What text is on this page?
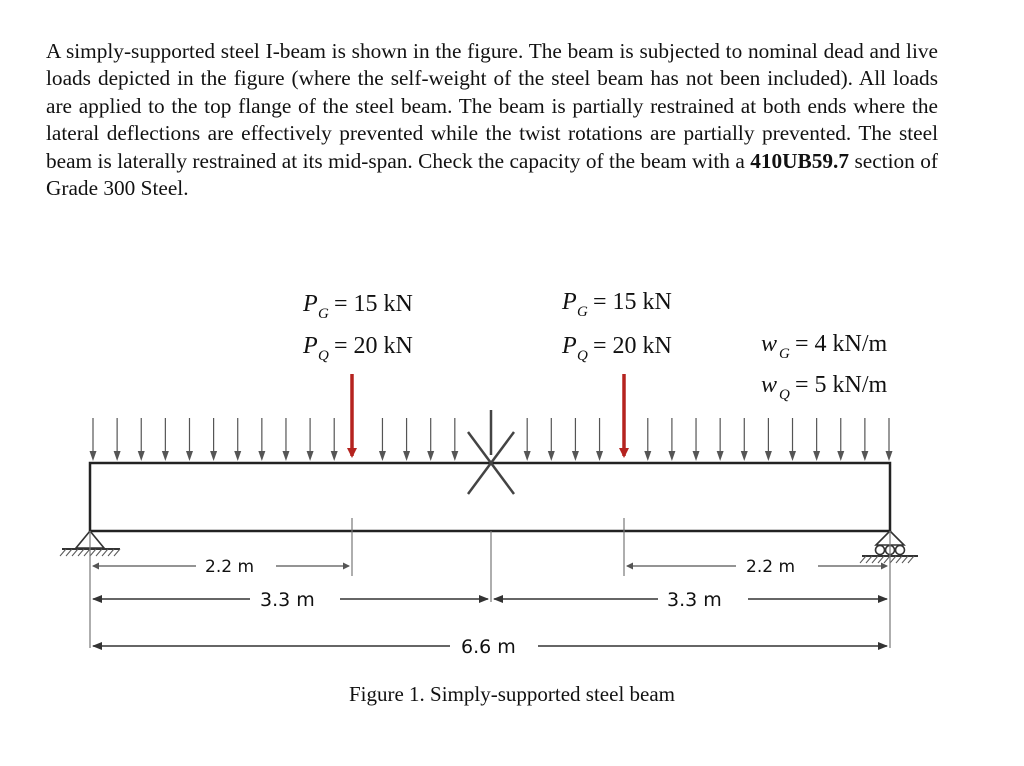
A simply-supported steel I-beam is shown in the figure. The beam is subjected to nominal dead and live loads depicted in the figure (where the self-weight of the steel beam has not been included). All loads are applied to the top flange of the steel beam. The beam is partially restrained at both ends where the lateral deflections are effectively prevented while the twist rotations are partially prevented. The steel beam is laterally restrained at its mid-span. Check the capacity of the beam with a 410UB59.7 section of Grade 300 Steel.

P G = 15 kN
P Q = 20 kN
P G = 15 kN
P Q = 20 kN	w G = 4 kN/m
w Q = 5 kN/m
2.2 m	2.2 m
3.3 m	3.3 m
6.6 m
Figure 1. Simply-supported steel beam
